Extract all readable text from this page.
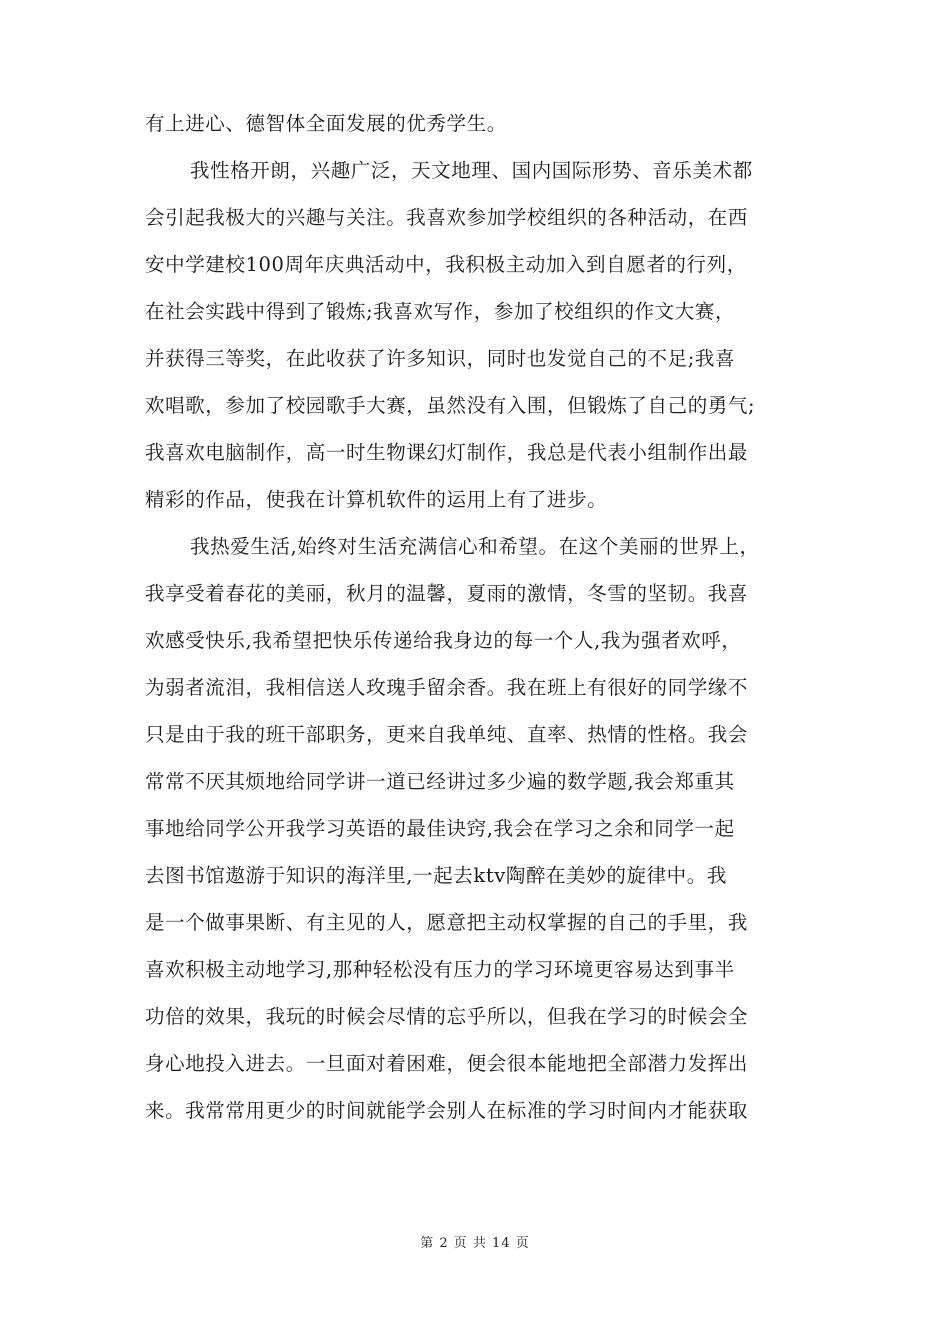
有上进心、德智体全面发展的优秀学生。
我性格开朗，兴趣广泛，天文地理、国内国际形势、音乐美术都
会引起我极大的兴趣与关注。我喜欢参加学校组织的各种活动，在西
安中学建校100周年庆典活动中，我积极主动加入到自愿者的行列，
在社会实践中得到了锻炼;我喜欢写作，参加了校组织的作文大赛，
并获得三等奖，在此收获了许多知识，同时也发觉自己的不足;我喜
欢唱歌，参加了校园歌手大赛，虽然没有入围，但锻炼了自己的勇气;
我喜欢电脑制作，高一时生物课幻灯制作，我总是代表小组制作出最
精彩的作品，使我在计算机软件的运用上有了进步。
我热爱生活,始终对生活充满信心和希望。在这个美丽的世界上，
我享受着春花的美丽，秋月的温馨，夏雨的激情，冬雪的坚韧。我喜
欢感受快乐,我希望把快乐传递给我身边的每一个人,我为强者欢呼，
为弱者流泪，我相信送人玫瑰手留余香。我在班上有很好的同学缘不
只是由于我的班干部职务，更来自我单纯、直率、热情的性格。我会
常常不厌其烦地给同学讲一道已经讲过多少遍的数学题,我会郑重其
事地给同学公开我学习英语的最佳诀窍,我会在学习之余和同学一起
去图书馆遨游于知识的海洋里,一起去ktv陶醉在美妙的旋律中。我
是一个做事果断、有主见的人，愿意把主动权掌握的自己的手里，我
喜欢积极主动地学习,那种轻松没有压力的学习环境更容易达到事半
功倍的效果，我玩的时候会尽情的忘乎所以，但我在学习的时候会全
身心地投入进去。一旦面对着困难，便会很本能地把全部潜力发挥出
来。我常常用更少的时间就能学会别人在标准的学习时间内才能获取
第 2 页 共 14 页
